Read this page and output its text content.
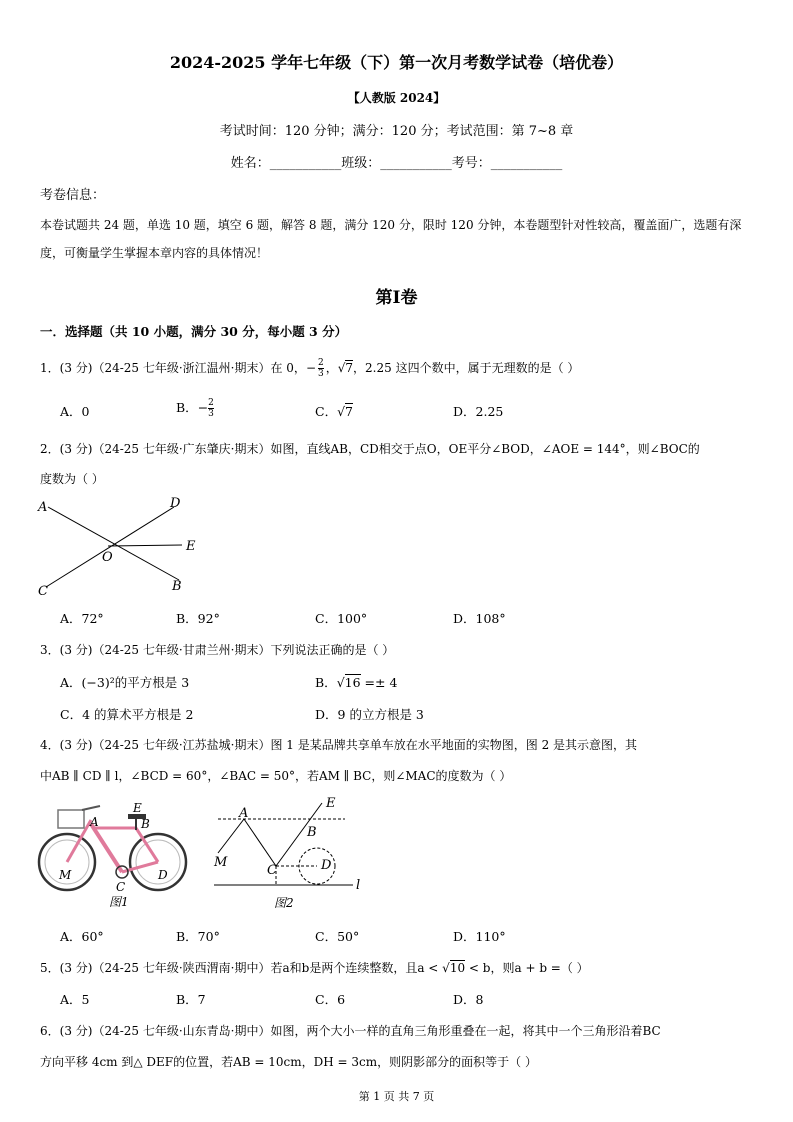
2024-2025 学年七年级（下）第一次月考数学试卷（培优卷）
【人教版 2024】
考试时间：120 分钟；满分：120 分；考试范围：第 7~8 章
姓名：___________班级：___________考号：___________
考卷信息：
本卷试题共 24 题，单选 10 题，填空 6 题，解答 8 题，满分 120 分，限时 120 分钟，本卷题型针对性较高，覆盖面广，选题有深度，可衡量学生掌握本章内容的具体情况！
第Ⅰ卷
一．选择题（共 10 小题，满分 30 分，每小题 3 分）
1．(3 分)（24-25 七年级·浙江温州·期末）在 0，− $\frac{2}{3}$ ，√7，2.25 这四个数中，属于无理数的是（ ）
A．0	B．− $\frac{2}{3}$	C．√7	D．2.25
2．(3 分)（24-25 七年级·广东肇庆·期末）如图，直线AB，CD相交于点O，OE平分∠BOD，∠AOE = 144°，则∠BOC的
度数为（ ）
A	D
O
E
C	B
A．72°	B．92°	C．100°	D．108°
3．(3 分)（24-25 七年级·甘肃兰州·期末）下列说法正确的是（ ）
A．(−3)²的平方根是 3	B．√16 =± 4
C．4 的算术平方根是 2	D．9 的立方根是 3
4．(3 分)（24-25 七年级·江苏盐城·期末）图 1 是某品牌共享单车放在水平地面的实物图，图 2 是其示意图，其
中AB ∥ CD ∥ l，∠BCD = 60°，∠BAC = 50°，若AM ∥ BC，则∠MAC的度数为（ ）
E
A	B
M
C
D
图1
E
A
B
M
C	D
l
图2
A．60°	B．70°	C．50°	D．110°
5．(3 分)（24-25 七年级·陕西渭南·期中）若a和b是两个连续整数，且a < √10 < b，则a + b =（ ）
A．5	B．7	C．6	D．8
6．(3 分)（24-25 七年级·山东青岛·期中）如图，两个大小一样的直角三角形重叠在一起，将其中一个三角形沿着BC
方向平移 4cm 到△ DEF的位置，若AB = 10cm，DH = 3cm，则阴影部分的面积等于（ ）
第 1 页 共 7 页
